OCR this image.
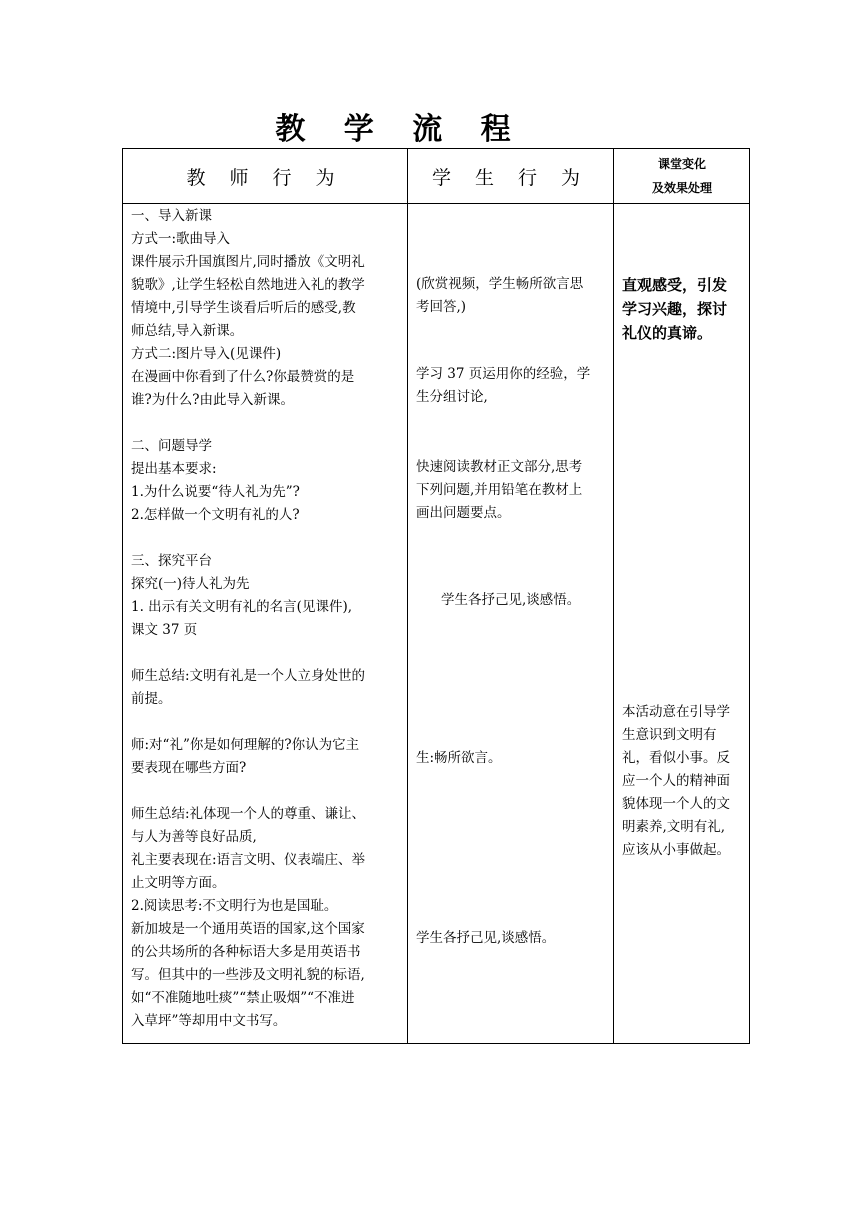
教 学 流 程
教 师 行 为	学 生 行 为
课堂变化
及效果处理

一、导入新课

方式一:歌曲导入

课件展示升国旗图片,同时播放《文明礼

貌歌》,让学生轻松自然地进入礼的教学

情境中,引导学生谈看后听后的感受,教

师总结,导入新课。

方式二:图片导入(见课件)

在漫画中你看到了什么?你最赞赏的是

谁?为什么?由此导入新课。

二、问题导学

提出基本要求:

1.为什么说要“待人礼为先”?

2.怎样做一个文明有礼的人?

三、探究平台

探究(一)待人礼为先

1. 出示有关文明有礼的名言(见课件),

课文 37 页

师生总结:文明有礼是一个人立身处世的

前提。

师:对“礼”你是如何理解的?你认为它主

要表现在哪些方面?

师生总结:礼体现一个人的尊重、谦让、

与人为善等良好品质,

礼主要表现在:语言文明、仪表端庄、举

止文明等方面。

2.阅读思考:不文明行为也是国耻。

新加坡是一个通用英语的国家,这个国家

的公共场所的各种标语大多是用英语书

写。但其中的一些涉及文明礼貌的标语,

如“不准随地吐痰”“禁止吸烟”“不准进

入草坪”等却用中文书写。

(欣赏视频，学生畅所欲言思

考回答,)

学习 37 页运用你的经验，学

生分组讨论,

快速阅读教材正文部分,思考

下列问题,并用铅笔在教材上

画出问题要点。

学生各抒己见,谈感悟。
生:畅所欲言。
学生各抒己见,谈感悟。

直观感受，引发

学习兴趣，探讨

礼仪的真谛。

本活动意在引导学

生意识到文明有

礼，看似小事。反

应一个人的精神面

貌体现一个人的文

明素养,文明有礼,

应该从小事做起。
